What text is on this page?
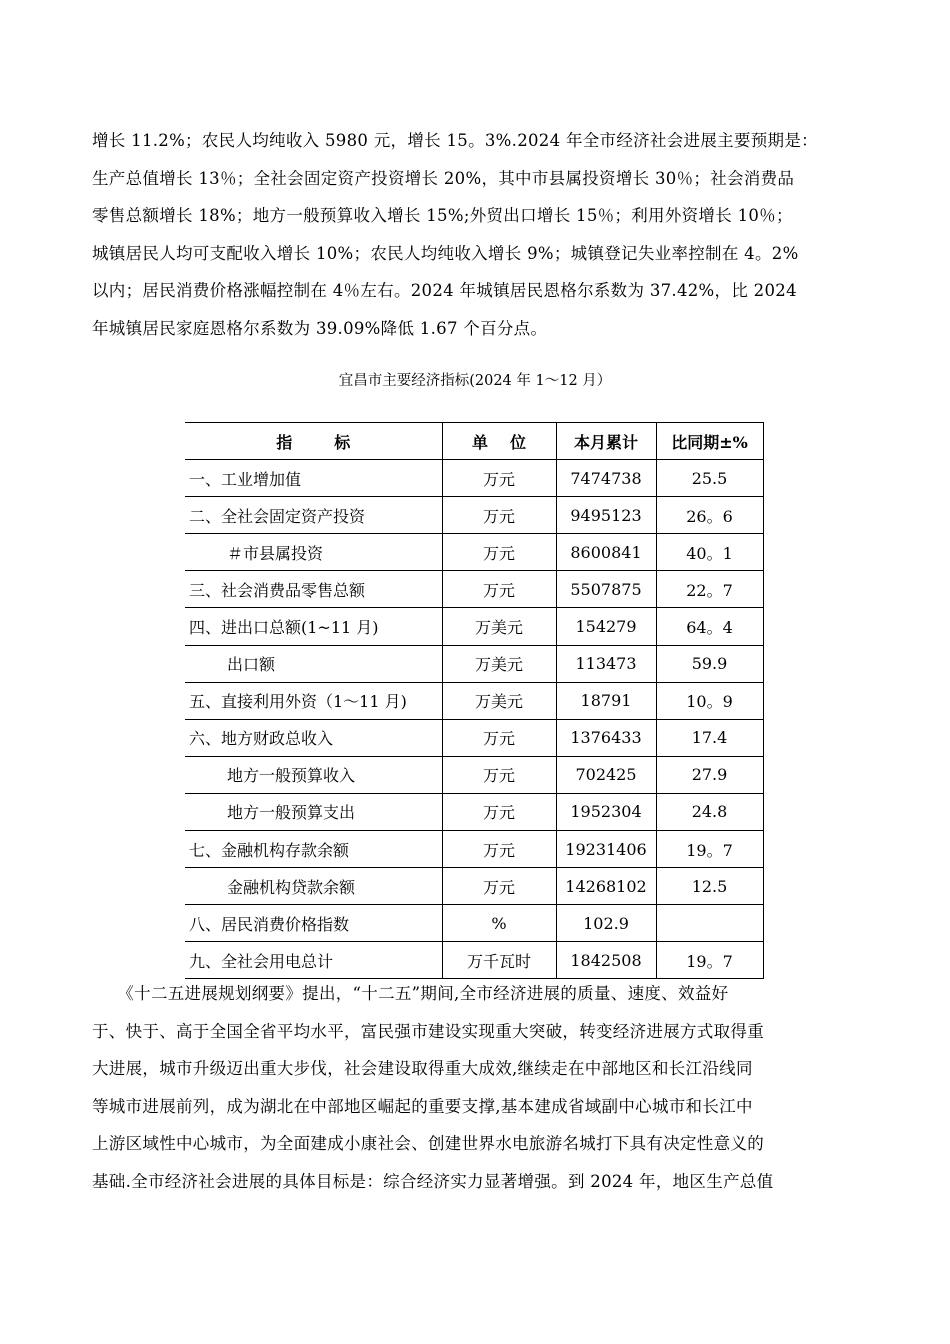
增长 11.2%；农民人均纯收入 5980 元，增长 15。3%.2024 年全市经济社会进展主要预期是：
生产总值增长 13％；全社会固定资产投资增长 20%，其中市县属投资增长 30％；社会消费品
零售总额增长 18%；地方一般预算收入增长 15%;外贸出口增长 15％；利用外资增长 10％；
城镇居民人均可支配收入增长 10%；农民人均纯收入增长 9%；城镇登记失业率控制在 4。2%
以内；居民消费价格涨幅控制在 4％左右。2024 年城镇居民恩格尔系数为 37.42%，比 2024
年城镇居民家庭恩格尔系数为 39.09%降低 1.67 个百分点。

宜昌市主要经济指标(2024 年 1～12 月）
指标	单位	本月累计	比同期±%
一、工业增加值	万元	7474738	25.5
二、全社会固定资产投资	万元	9495123	26。6
＃市县属投资	万元	8600841	40。1
三、社会消费品零售总额	万元	5507875	22。7
四、进出口总额(1~11 月)	万美元	154279	64。4
出口额	万美元	113473	59.9
五、直接利用外资（1～11 月)	万美元	18791	10。9
六、地方财政总收入	万元	1376433	17.4
地方一般预算收入	万元	702425	27.9
地方一般预算支出	万元	1952304	24.8
七、金融机构存款余额	万元	19231406	19。7
金融机构贷款余额	万元	14268102	12.5
八、居民消费价格指数	%	102.9	
九、全社会用电总计	万千瓦时	1842508	19。7

　　《十二五进展规划纲要》提出，“十二五”期间,全市经济进展的质量、速度、效益好
于、快于、高于全国全省平均水平，富民强市建设实现重大突破，转变经济进展方式取得重
大进展，城市升级迈出重大步伐，社会建设取得重大成效,继续走在中部地区和长江沿线同
等城市进展前列，成为湖北在中部地区崛起的重要支撑,基本建成省域副中心城市和长江中
上游区域性中心城市，为全面建成小康社会、创建世界水电旅游名城打下具有决定性意义的
基础.全市经济社会进展的具体目标是：综合经济实力显著增强。到 2024 年，地区生产总值
